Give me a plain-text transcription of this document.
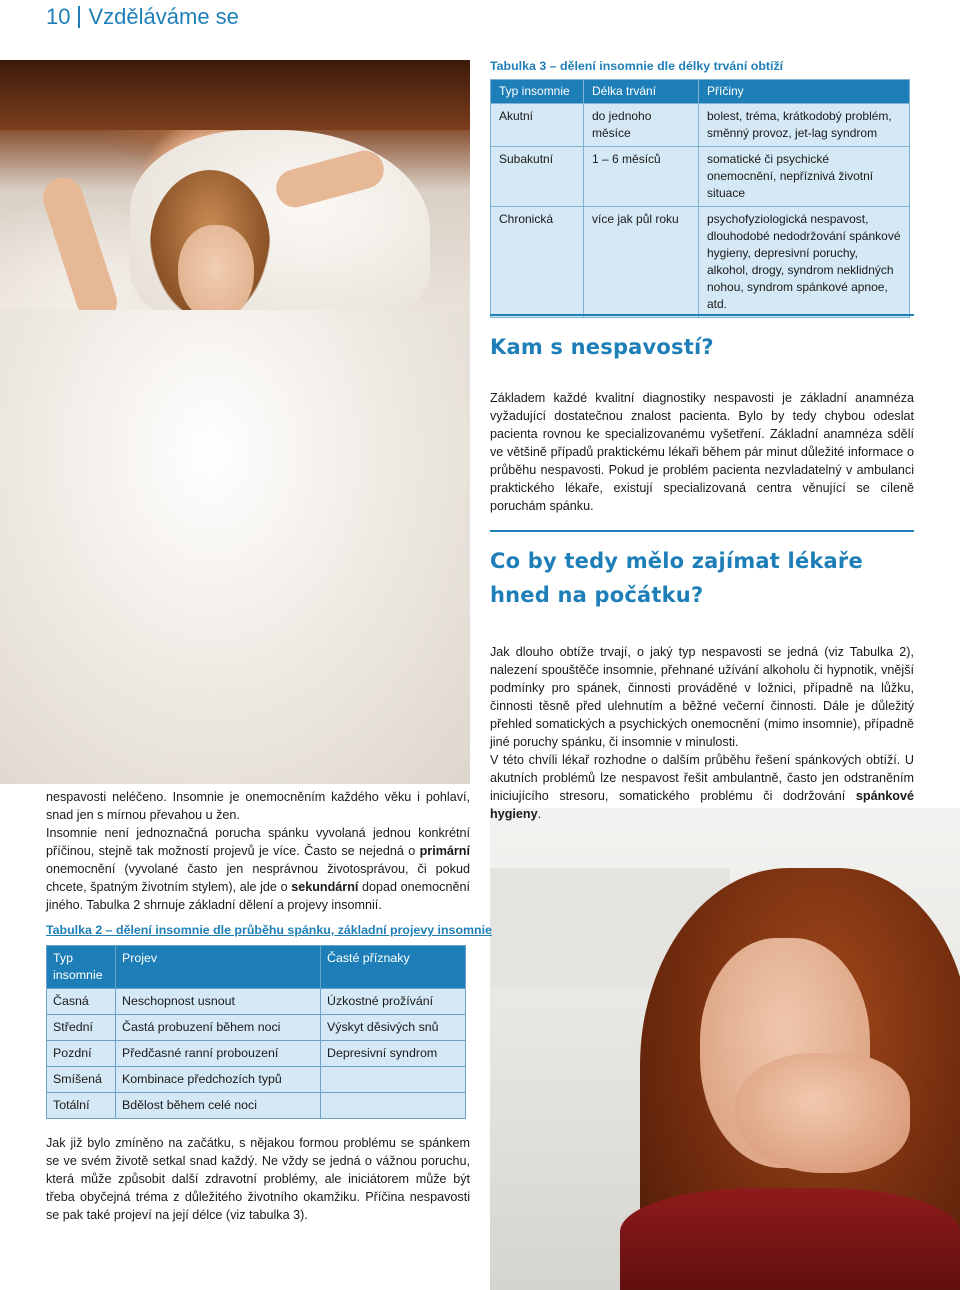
10 Vzděláváme se
Tabulka 3 – dělení insomnie dle délky trvání obtíží
Typ insomnie	Délka trvání	Příčiny
Akutní	do jednoho měsíce	bolest, tréma, krátkodobý problém, směnný provoz, jet-lag syndrom
Subakutní	1 – 6 měsíců	somatické či psychické onemocnění, nepříznivá životní situace
Chronická	více jak půl roku	psychofyziologická nespavost, dlouhodobé nedodržování spánkové hygieny, depresivní poruchy, alkohol, drogy, syndrom neklidných nohou, syndrom spánkové apnoe, atd.
Kam s nespavostí?
Základem každé kvalitní diagnostiky nespavosti je základní anamnéza vyžadující dostatečnou znalost pacienta. Bylo by tedy chybou odeslat pacienta rovnou ke specializovanému vyšetření. Základní anamnéza sdělí ve většině případů praktickému lékaři během pár minut důležité informace o průběhu nespavosti. Pokud je problém pacienta nezvladatelný v ambulanci praktického lékaře, existují specializovaná centra věnující se cíleně poruchám spánku.
Co by tedy mělo zajímat lékaře hned na počátku?
Jak dlouho obtíže trvají, o jaký typ nespavosti se jedná (viz Tabulka 2), nalezení spouštěče insomnie, přehnané užívání alkoholu či hypnotik, vnější podmínky pro spánek, činnosti prováděné v ložnici, případně na lůžku, činnosti těsně před ulehnutím a běžné večerní činnosti. Dále je důležitý přehled somatických a psychických onemocnění (mimo insomnie), případně jiné poruchy spánku, či insomnie v minulosti.
V této chvíli lékař rozhodne o dalším průběhu řešení spánkových obtíží. U akutních problémů lze nespavost řešit ambulantně, často jen odstraněním iniciujícího stresoru, somatického problému či dodržování spánkové hygieny.
nespavosti neléčeno. Insomnie je onemocněním každého věku i pohlaví, snad jen s mírnou převahou u žen.
Insomnie není jednoznačná porucha spánku vyvolaná jednou konkrétní příčinou, stejně tak možností projevů je více. Často se nejedná o primární onemocnění (vyvolané často jen nesprávnou životosprávou, či pokud chcete, špatným životním stylem), ale jde o sekundární dopad onemocnění jiného. Tabulka 2 shrnuje základní dělení a projevy insomnií.
Tabulka 2 – dělení insomnie dle průběhu spánku, základní projevy insomnie
Typ insomnie	Projev	Časté příznaky
Časná	Neschopnost usnout	Úzkostné prožívání
Střední	Častá probuzení během noci	Výskyt děsivých snů
Pozdní	Předčasné ranní probouzení	Depresivní syndrom
Smíšená	Kombinace předchozích typů	
Totální	Bdělost během celé noci	
Jak již bylo zmíněno na začátku, s nějakou formou problému se spánkem se ve svém životě setkal snad každý. Ne vždy se jedná o vážnou poruchu, která může způsobit další zdravotní problémy, ale iniciátorem může být třeba obyčejná tréma z důležitého životního okamžiku. Příčina nespavosti se pak také projeví na její délce (viz tabulka 3).
